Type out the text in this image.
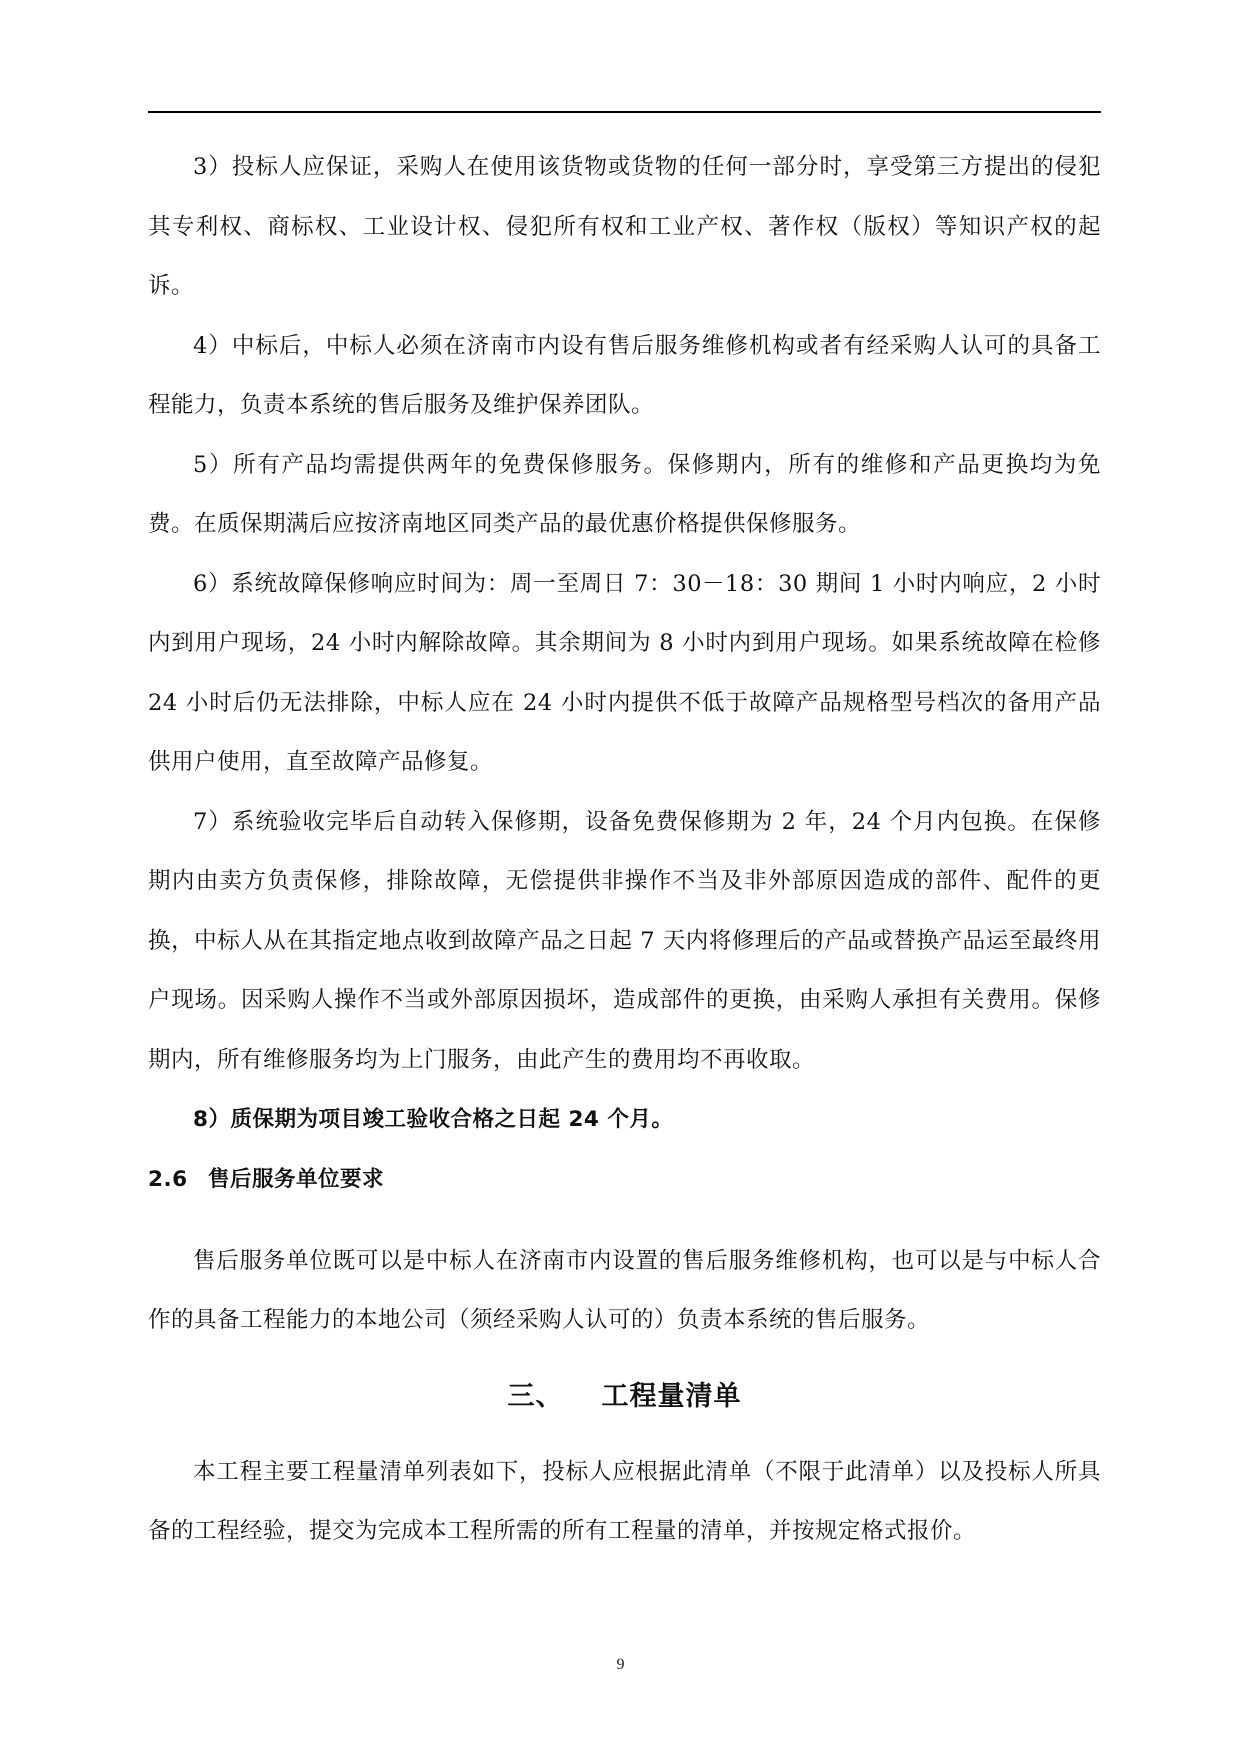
3）投标人应保证，采购人在使用该货物或货物的任何一部分时，享受第三方提出的侵犯其专利权、商标权、工业设计权、侵犯所有权和工业产权、著作权（版权）等知识产权的起诉。

4）中标后，中标人必须在济南市内设有售后服务维修机构或者有经采购人认可的具备工程能力，负责本系统的售后服务及维护保养团队。

5）所有产品均需提供两年的免费保修服务。保修期内，所有的维修和产品更换均为免费。在质保期满后应按济南地区同类产品的最优惠价格提供保修服务。

6）系统故障保修响应时间为：周一至周日 7：30－18：30 期间 1 小时内响应，2 小时内到用户现场，24 小时内解除故障。其余期间为 8 小时内到用户现场。如果系统故障在检修 24 小时后仍无法排除，中标人应在 24 小时内提供不低于故障产品规格型号档次的备用产品供用户使用，直至故障产品修复。

7）系统验收完毕后自动转入保修期，设备免费保修期为 2 年，24 个月内包换。在保修期内由卖方负责保修，排除故障，无偿提供非操作不当及非外部原因造成的部件、配件的更换，中标人从在其指定地点收到故障产品之日起 7 天内将修理后的产品或替换产品运至最终用户现场。因采购人操作不当或外部原因损坏，造成部件的更换，由采购人承担有关费用。保修期内，所有维修服务均为上门服务，由此产生的费用均不再收取。

8）质保期为项目竣工验收合格之日起 24 个月。

2.6 售后服务单位要求

售后服务单位既可以是中标人在济南市内设置的售后服务维修机构，也可以是与中标人合作的具备工程能力的本地公司（须经采购人认可的）负责本系统的售后服务。

三、 工程量清单

本工程主要工程量清单列表如下，投标人应根据此清单（不限于此清单）以及投标人所具备的工程经验，提交为完成本工程所需的所有工程量的清单，并按规定格式报价。

9
